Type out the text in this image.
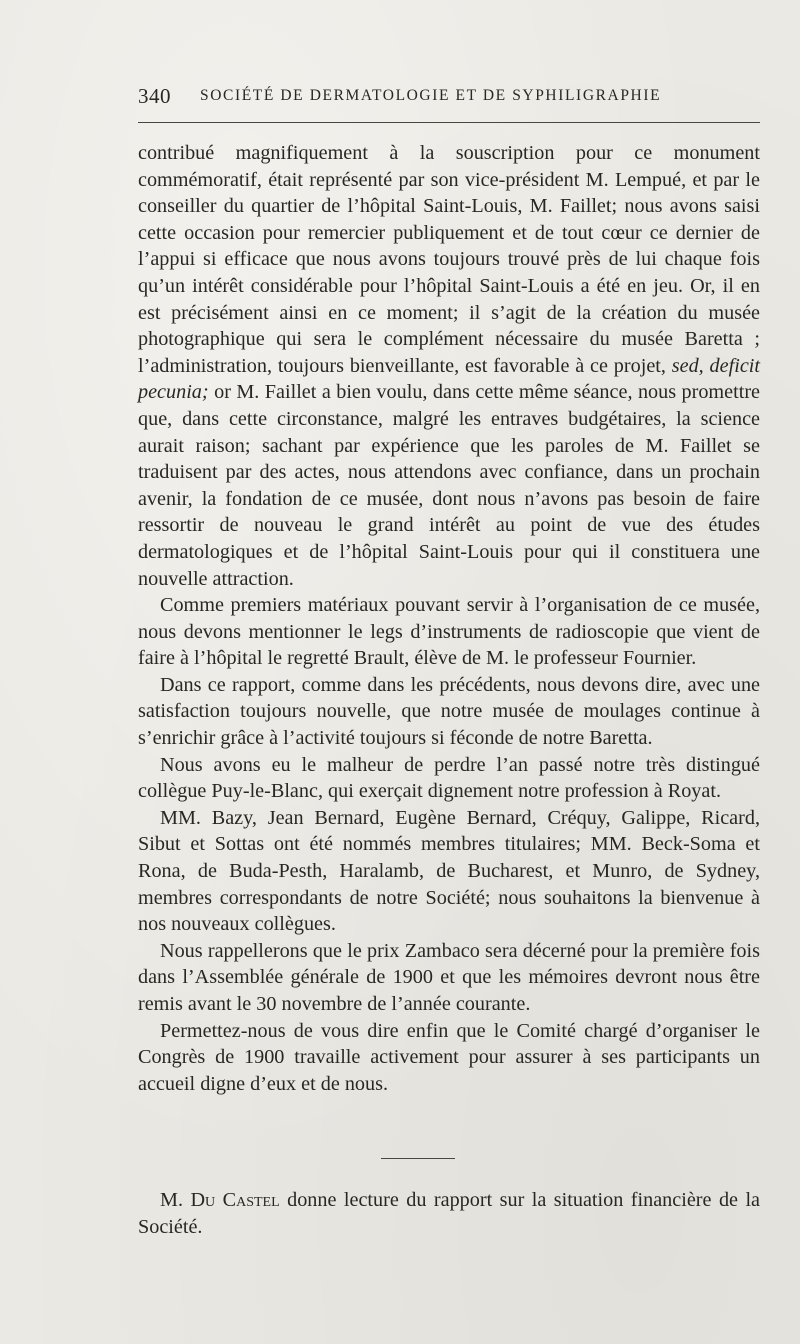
340 SOCIÉTÉ DE DERMATOLOGIE ET DE SYPHILIGRAPHIE

contribué magnifiquement à la souscription pour ce monument commémoratif, était représenté par son vice-président M. Lempué, et par le conseiller du quartier de l’hôpital Saint-Louis, M. Faillet; nous avons saisi cette occasion pour remercier publiquement et de tout cœur ce dernier de l’appui si efficace que nous avons toujours trouvé près de lui chaque fois qu’un intérêt considérable pour l’hôpital Saint-Louis a été en jeu. Or, il en est précisément ainsi en ce moment; il s’agit de la création du musée photographique qui sera le complément nécessaire du musée Baretta ; l’administration, toujours bienveillante, est favorable à ce projet, sed, deficit pecunia; or M. Faillet a bien voulu, dans cette même séance, nous promettre que, dans cette circonstance, malgré les entraves budgétaires, la science aurait raison; sachant par expérience que les paroles de M. Faillet se traduisent par des actes, nous attendons avec confiance, dans un prochain avenir, la fondation de ce musée, dont nous n’avons pas besoin de faire ressortir de nouveau le grand intérêt au point de vue des études dermatologiques et de l’hôpital Saint-Louis pour qui il constituera une nouvelle attraction.

Comme premiers matériaux pouvant servir à l’organisation de ce musée, nous devons mentionner le legs d’instruments de radioscopie que vient de faire à l’hôpital le regretté Brault, élève de M. le professeur Fournier.

Dans ce rapport, comme dans les précédents, nous devons dire, avec une satisfaction toujours nouvelle, que notre musée de moulages continue à s’enrichir grâce à l’activité toujours si féconde de notre Baretta.

Nous avons eu le malheur de perdre l’an passé notre très distingué collègue Puy-le-Blanc, qui exerçait dignement notre profession à Royat.

MM. Bazy, Jean Bernard, Eugène Bernard, Créquy, Galippe, Ricard, Sibut et Sottas ont été nommés membres titulaires; MM. Beck-Soma et Rona, de Buda-Pesth, Haralamb, de Bucharest, et Munro, de Sydney, membres correspondants de notre Société; nous souhaitons la bienvenue à nos nouveaux collègues.

Nous rappellerons que le prix Zambaco sera décerné pour la première fois dans l’Assemblée générale de 1900 et que les mémoires devront nous être remis avant le 30 novembre de l’année courante.

Permettez-nous de vous dire enfin que le Comité chargé d’organiser le Congrès de 1900 travaille activement pour assurer à ses participants un accueil digne d’eux et de nous.

M. Du Castel donne lecture du rapport sur la situation financière de la Société.
